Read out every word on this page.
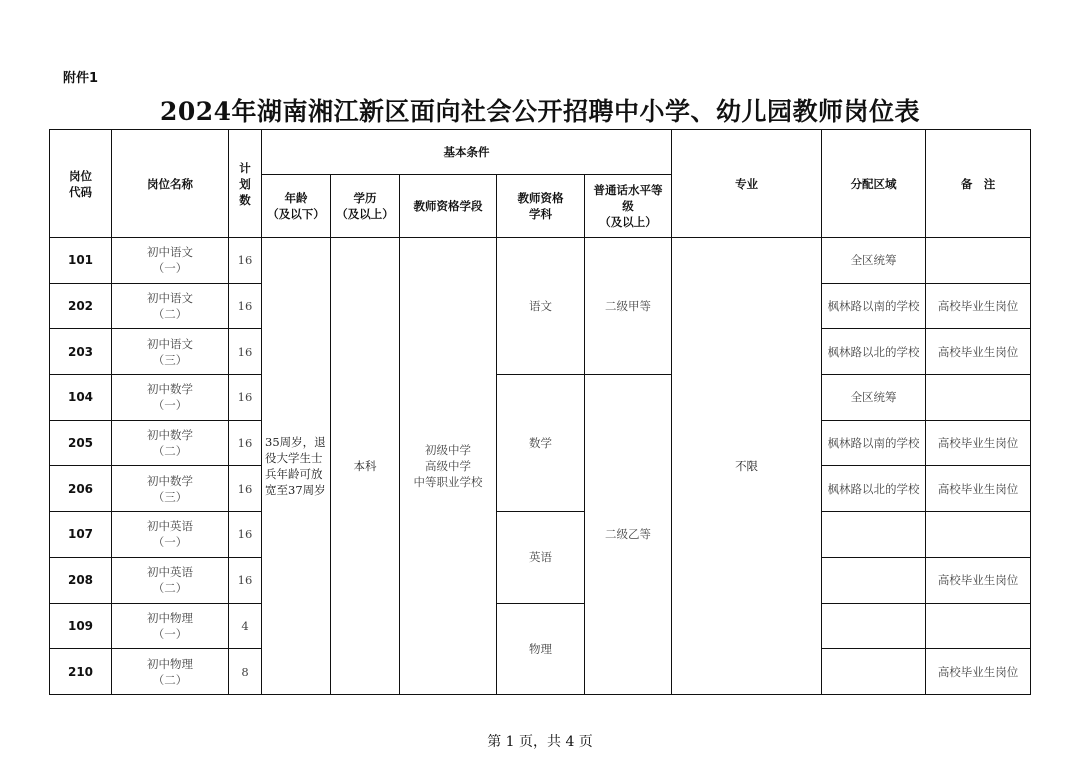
附件1
2024年湖南湘江新区面向社会公开招聘中小学、幼儿园教师岗位表
岗位
代码	岗位名称	计
划
数	基本条件					专业	分配区域	备　注
			年龄
（及以下）	学历
（及以上）	教师资格学段	教师资格
学科	普通话水平等
级
（及以上）			
101	初中语文
（一）	16	35周岁，退役大学生士兵年龄可放宽至37周岁	本科	初级中学
高级中学
中等职业学校	语文	二级甲等	不限	全区统筹	
202	初中语文
（二）	16							枫林路以南的学校	高校毕业生岗位
203	初中语文
（三）	16							枫林路以北的学校	高校毕业生岗位
104	初中数学
（一）	16				数学	二级乙等		全区统筹	
205	初中数学
（二）	16							枫林路以南的学校	高校毕业生岗位
206	初中数学
（三）	16							枫林路以北的学校	高校毕业生岗位
107	初中英语
（一）	16				英语				
208	初中英语
（二）	16								高校毕业生岗位
109	初中物理
（一）	4				物理				
210	初中物理
（二）	8								高校毕业生岗位
第 1 页，共 4 页
